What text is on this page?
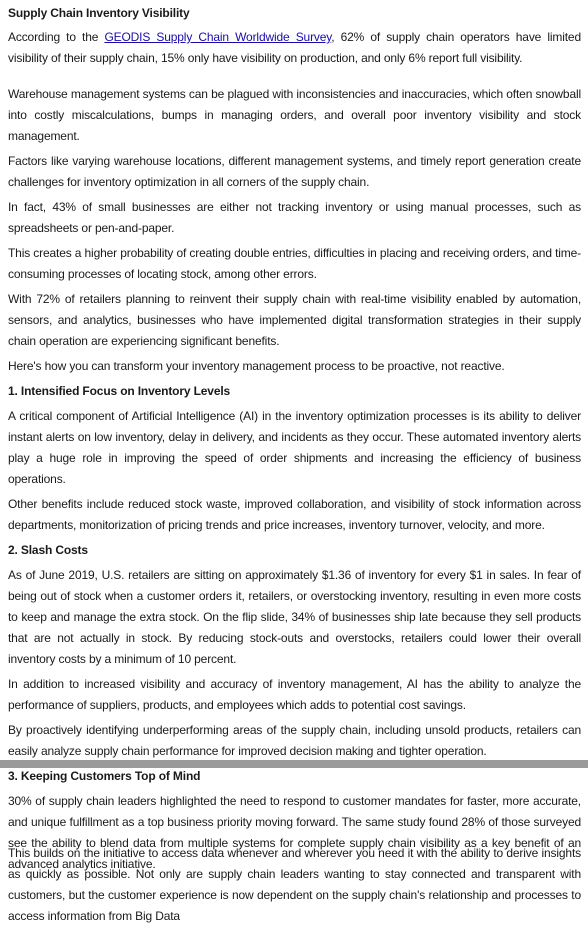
Supply Chain Inventory Visibility

According to the GEODIS Supply Chain Worldwide Survey, 62% of supply chain operators have limited visibility of their supply chain, 15% only have visibility on production, and only 6% report full visibility.

Warehouse management systems can be plagued with inconsistencies and inaccuracies, which often snowball into costly miscalculations, bumps in managing orders, and overall poor inventory visibility and stock management.

Factors like varying warehouse locations, different management systems, and timely report generation create challenges for inventory optimization in all corners of the supply chain.

In fact, 43% of small businesses are either not tracking inventory or using manual processes, such as spreadsheets or pen-and-paper.

This creates a higher probability of creating double entries, difficulties in placing and receiving orders, and time-consuming processes of locating stock, among other errors.

With 72% of retailers planning to reinvent their supply chain with real-time visibility enabled by automation, sensors, and analytics, businesses who have implemented digital transformation strategies in their supply chain operation are experiencing significant benefits.

Here's how you can transform your inventory management process to be proactive, not reactive.

1. Intensified Focus on Inventory Levels

A critical component of Artificial Intelligence (AI) in the inventory optimization processes is its ability to deliver instant alerts on low inventory, delay in delivery, and incidents as they occur. These automated inventory alerts play a huge role in improving the speed of order shipments and increasing the efficiency of business operations.

Other benefits include reduced stock waste, improved collaboration, and visibility of stock information across departments, monitorization of pricing trends and price increases, inventory turnover, velocity, and more.

2. Slash Costs

As of June 2019, U.S. retailers are sitting on approximately $1.36 of inventory for every $1 in sales. In fear of being out of stock when a customer orders it, retailers, or overstocking inventory, resulting in even more costs to keep and manage the extra stock. On the flip slide, 34% of businesses ship late because they sell products that are not actually in stock. By reducing stock-outs and overstocks, retailers could lower their overall inventory costs by a minimum of 10 percent.

In addition to increased visibility and accuracy of inventory management, AI has the ability to analyze the performance of suppliers, products, and employees which adds to potential cost savings.

By proactively identifying underperforming areas of the supply chain, including unsold products, retailers can easily analyze supply chain performance for improved decision making and tighter operation.

3. Keeping Customers Top of Mind

30% of supply chain leaders highlighted the need to respond to customer mandates for faster, more accurate, and unique fulfillment as a top business priority moving forward. The same study found 28% of those surveyed see the ability to blend data from multiple systems for complete supply chain visibility as a key benefit of an advanced analytics initiative.

This builds on the initiative to access data whenever and wherever you need it with the ability to derive insights as quickly as possible. Not only are supply chain leaders wanting to stay connected and transparent with customers, but the customer experience is now dependent on the supply chain's relationship and processes to access information from Big Data
